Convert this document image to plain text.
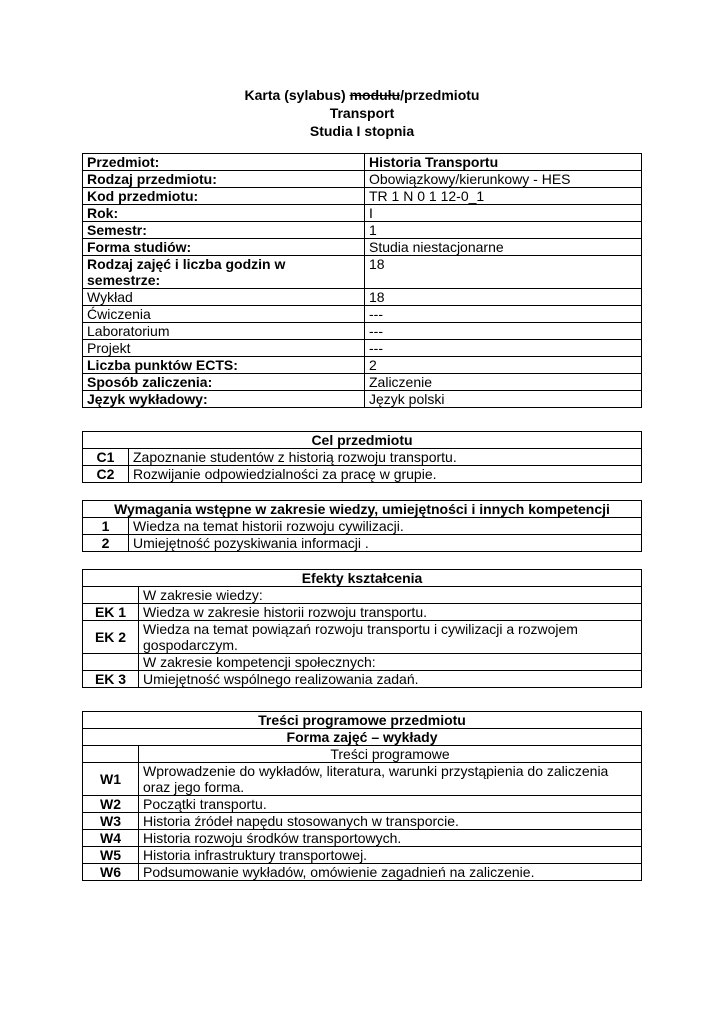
Karta (sylabus) modułu/przedmiotu
Transport
Studia I stopnia
Przedmiot:	Historia Transportu
Rodzaj przedmiotu:	Obowiązkowy/kierunkowy - HES
Kod przedmiotu:	TR 1 N 0 1 12-0_1
Rok:	I
Semestr:	1
Forma studiów:	Studia niestacjonarne
Rodzaj zajęć i liczba godzin w semestrze:	18
Wykład	18
Ćwiczenia	---
Laboratorium	---
Projekt	---
Liczba punktów ECTS:	2
Sposób zaliczenia:	Zaliczenie
Język wykładowy:	Język polski
Cel przedmiotu	
C1	Zapoznanie studentów z historią rozwoju transportu.
C2	Rozwijanie odpowiedzialności za pracę w grupie.
Wymagania wstępne w zakresie wiedzy, umiejętności i innych kompetencji	
1	Wiedza na temat historii rozwoju cywilizacji.
2	Umiejętność pozyskiwania informacji .
Efekty kształcenia	
	W zakresie wiedzy:
EK 1	Wiedza w zakresie historii rozwoju transportu.
EK 2	Wiedza na temat powiązań rozwoju transportu i cywilizacji a rozwojem gospodarczym.
	W zakresie kompetencji społecznych:
EK 3	Umiejętność wspólnego realizowania zadań.
Treści programowe przedmiotu	
Forma zajęć – wykłady	
	Treści programowe
W1	Wprowadzenie do wykładów, literatura, warunki przystąpienia do zaliczenia oraz jego forma.
W2	Początki transportu.
W3	Historia źródeł napędu stosowanych w transporcie.
W4	Historia rozwoju środków transportowych.
W5	Historia infrastruktury transportowej.
W6	Podsumowanie wykładów, omówienie zagadnień na zaliczenie.
